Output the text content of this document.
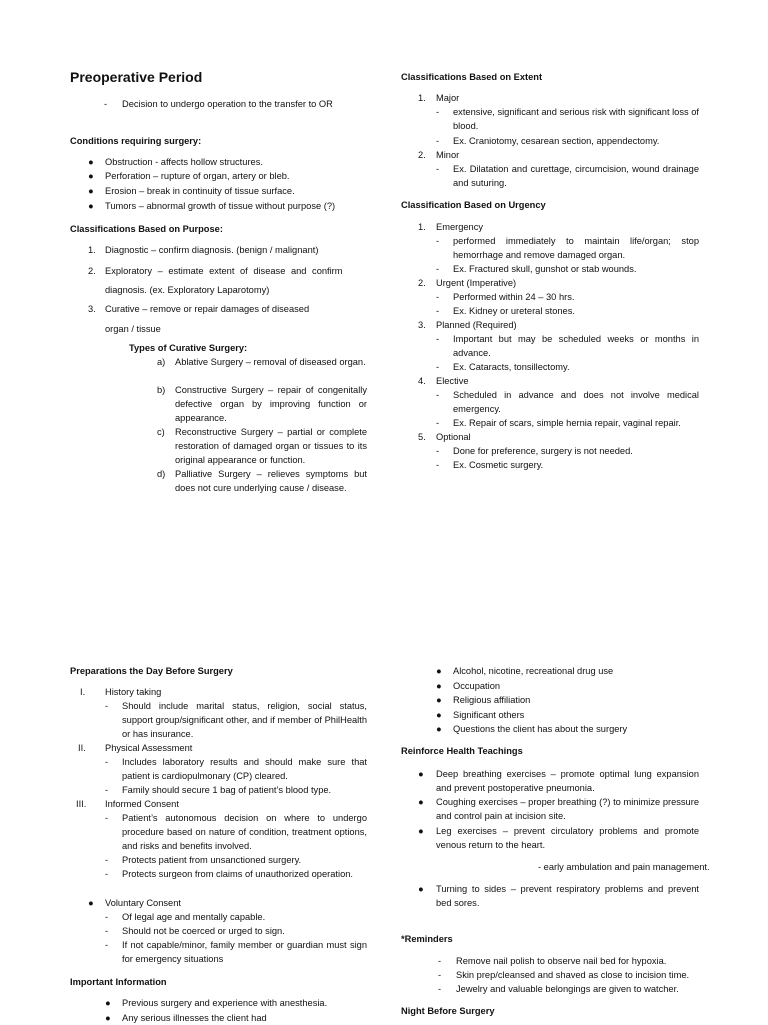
Preoperative Period
- Decision to undergo operation to the transfer to OR
Conditions requiring surgery:
● Obstruction - affects hollow structures.
● Perforation – rupture of organ, artery or bleb.
● Erosion – break in continuity of tissue surface.
● Tumors – abnormal growth of tissue without purpose (?)
Classifications Based on Purpose:
1. Diagnostic – confirm diagnosis. (benign / malignant)
2. Exploratory – estimate extent of disease and confirm
diagnosis. (ex. Exploratory Laparotomy)
3. Curative – remove or repair damages of diseased
organ / tissue
Types of Curative Surgery:
a) Ablative Surgery – removal of diseased organ.
b) Constructive Surgery – repair of congenitally defective organ by improving function or appearance.
c) Reconstructive Surgery – partial or complete restoration of damaged organ or tissues to its original appearance or function.
d) Palliative Surgery – relieves symptoms but does not cure underlying cause / disease.
Classifications Based on Extent
1. Major
- extensive, significant and serious risk with significant loss of blood.
- Ex. Craniotomy, cesarean section, appendectomy.
2. Minor
- Ex. Dilatation and curettage, circumcision, wound drainage and suturing.
Classification Based on Urgency
1. Emergency
- performed immediately to maintain life/organ; stop hemorrhage and remove damaged organ.
- Ex. Fractured skull, gunshot or stab wounds.
2. Urgent (Imperative)
- Performed within 24 – 30 hrs.
- Ex. Kidney or ureteral stones.
3. Planned (Required)
- Important but may be scheduled weeks or months in advance.
- Ex. Cataracts, tonsillectomy.
4. Elective
- Scheduled in advance and does not involve medical emergency.
- Ex. Repair of scars, simple hernia repair, vaginal repair.
5. Optional
- Done for preference, surgery is not needed.
- Ex. Cosmetic surgery.
Preparations the Day Before Surgery
I. History taking
- Should include marital status, religion, social status, support group/significant other, and if member of PhilHealth or has insurance.
II. Physical Assessment
- Includes laboratory results and should make sure that patient is cardiopulmonary (CP) cleared.
- Family should secure 1 bag of patient’s blood type.
III. Informed Consent
- Patient’s autonomous decision on where to undergo procedure based on nature of condition, treatment options, and risks and benefits involved.
- Protects patient from unsanctioned surgery.
- Protects surgeon from claims of unauthorized operation.
● Voluntary Consent
- Of legal age and mentally capable.
- Should not be coerced or urged to sign.
- If not capable/minor, family member or guardian must sign for emergency situations
Important Information
● Previous surgery and experience with anesthesia.
● Any serious illnesses the client had
● Alcohol, nicotine, recreational drug use
● Occupation
● Religious affiliation
● Significant others
● Questions the client has about the surgery
Reinforce Health Teachings
● Deep breathing exercises – promote optimal lung expansion and prevent postoperative pneumonia.
● Coughing exercises – proper breathing (?) to minimize pressure and control pain at incision site.
● Leg exercises – prevent circulatory problems and promote venous return to the heart.
- early ambulation and pain management.
● Turning to sides – prevent respiratory problems and prevent bed sores.
*Reminders
- Remove nail polish to observe nail bed for hypoxia.
- Skin prep/cleansed and shaved as close to incision time.
- Jewelry and valuable belongings are given to watcher.
Night Before Surgery
